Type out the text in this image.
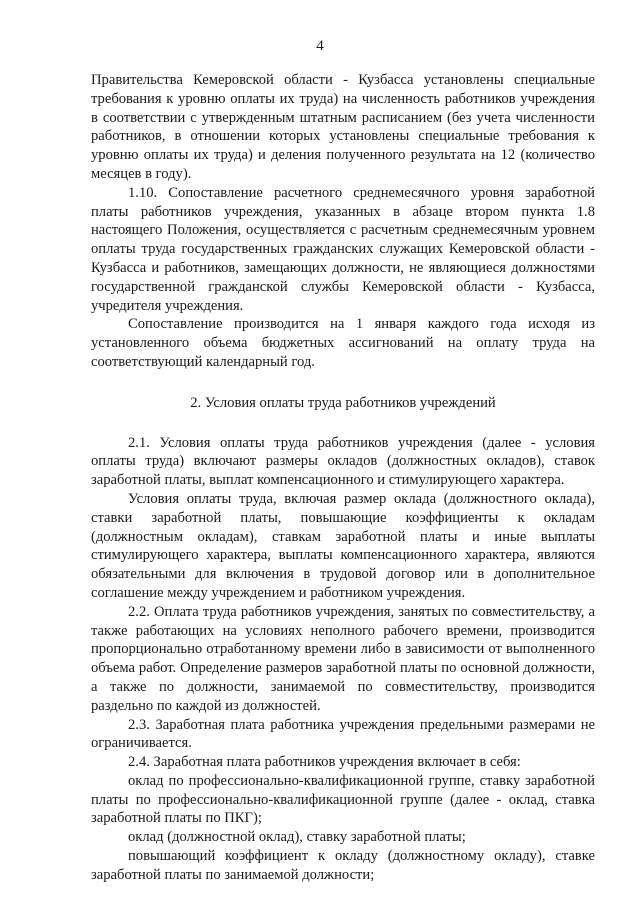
4

Правительства Кемеровской области - Кузбасса установлены специальные требования к уровню оплаты их труда) на численность работников учреждения в соответствии с утвержденным штатным расписанием (без учета численности работников, в отношении которых установлены специальные требования к уровню оплаты их труда) и деления полученного результата на 12 (количество месяцев в году).

1.10. Сопоставление расчетного среднемесячного уровня заработной платы работников учреждения, указанных в абзаце втором пункта 1.8 настоящего Положения, осуществляется с расчетным среднемесячным уровнем оплаты труда государственных гражданских служащих Кемеровской области - Кузбасса и работников, замещающих должности, не являющиеся должностями государственной гражданской службы Кемеровской области - Кузбасса, учредителя учреждения.

Сопоставление производится на 1 января каждого года исходя из установленного объема бюджетных ассигнований на оплату труда на соответствующий календарный год.

2. Условия оплаты труда работников учреждений

2.1. Условия оплаты труда работников учреждения (далее - условия оплаты труда) включают размеры окладов (должностных окладов), ставок заработной платы, выплат компенсационного и стимулирующего характера.

Условия оплаты труда, включая размер оклада (должностного оклада), ставки заработной платы, повышающие коэффициенты к окладам (должностным окладам), ставкам заработной платы и иные выплаты стимулирующего характера, выплаты компенсационного характера, являются обязательными для включения в трудовой договор или в дополнительное соглашение между учреждением и работником учреждения.

2.2. Оплата труда работников учреждения, занятых по совместительству, а также работающих на условиях неполного рабочего времени, производится пропорционально отработанному времени либо в зависимости от выполненного объема работ. Определение размеров заработной платы по основной должности, а также по должности, занимаемой по совместительству, производится раздельно по каждой из должностей.

2.3. Заработная плата работника учреждения предельными размерами не ограничивается.

2.4. Заработная плата работников учреждения включает в себя:

оклад по профессионально-квалификационной группе, ставку заработной платы по профессионально-квалификационной группе (далее - оклад, ставка заработной платы по ПКГ);

оклад (должностной оклад), ставку заработной платы;

повышающий коэффициент к окладу (должностному окладу), ставке заработной платы по занимаемой должности;
